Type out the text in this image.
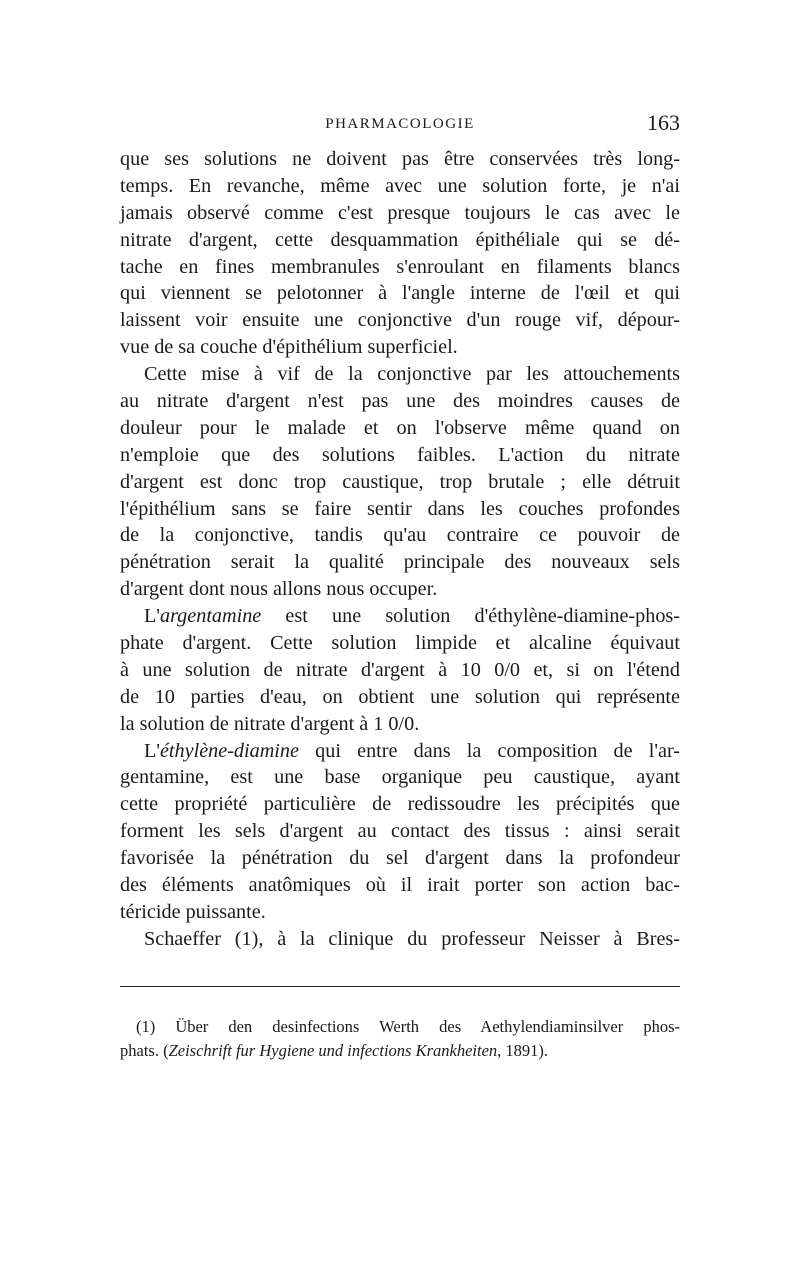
PHARMACOLOGIE	163
que ses solutions ne doivent pas être conservées très long-
temps. En revanche, même avec une solution forte, je n'ai
jamais observé comme c'est presque toujours le cas avec le
nitrate d'argent, cette desquammation épithéliale qui se dé-
tache en fines membranules s'enroulant en filaments blancs
qui viennent se pelotonner à l'angle interne de l'œil et qui
laissent voir ensuite une conjonctive d'un rouge vif, dépour-
vue de sa couche d'épithélium superficiel.
Cette mise à vif de la conjonctive par les attouchements
au nitrate d'argent n'est pas une des moindres causes de
douleur pour le malade et on l'observe même quand on
n'emploie que des solutions faibles. L'action du nitrate
d'argent est donc trop caustique, trop brutale ; elle détruit
l'épithélium sans se faire sentir dans les couches profondes
de la conjonctive, tandis qu'au contraire ce pouvoir de
pénétration serait la qualité principale des nouveaux sels
d'argent dont nous allons nous occuper.
L'argentamine est une solution d'éthylène-diamine-phos-
phate d'argent. Cette solution limpide et alcaline équivaut
à une solution de nitrate d'argent à 10 0/0 et, si on l'étend
de 10 parties d'eau, on obtient une solution qui représente
la solution de nitrate d'argent à 1 0/0.
L'éthylène-diamine qui entre dans la composition de l'ar-
gentamine, est une base organique peu caustique, ayant
cette propriété particulière de redissoudre les précipités que
forment les sels d'argent au contact des tissus : ainsi serait
favorisée la pénétration du sel d'argent dans la profondeur
des éléments anatômiques où il irait porter son action bac-
téricide puissante.
Schaeffer (1), à la clinique du professeur Neisser à Bres-
(1) Über den desinfections Werth des Aethylendiaminsilver phos-
phats. (Zeischrift fur Hygiene und infections Krankheiten, 1891).
